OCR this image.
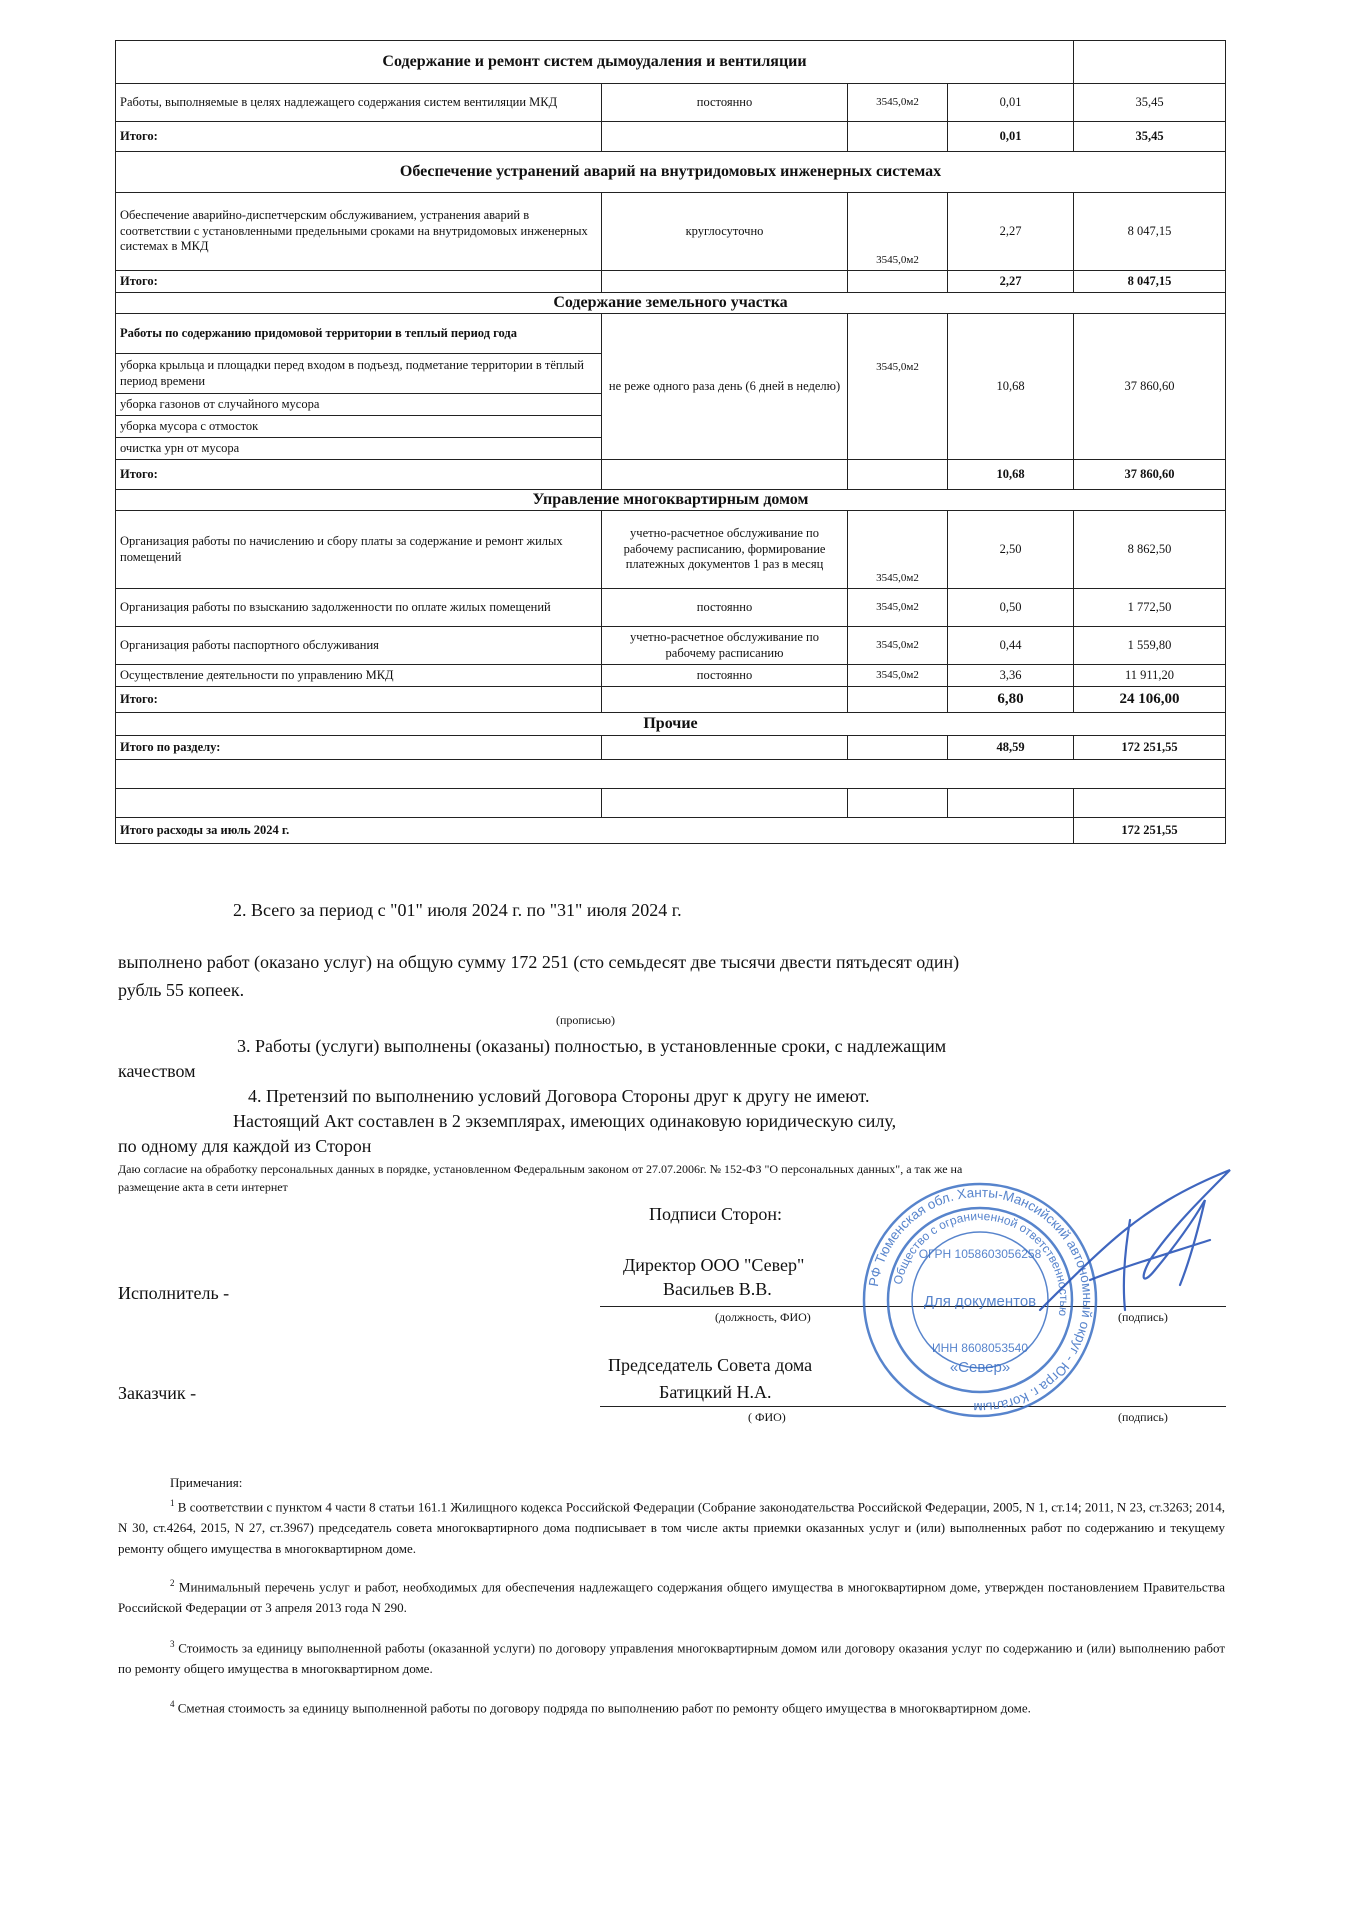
Содержание и ремонт систем дымоудаления и вентиляции				
Работы, выполняемые в целях надлежащего содержания систем вентиляции МКД	постоянно	3545,0м2	0,01	35,45
Итого:			0,01	35,45
Обеспечение устранений аварий на внутридомовых инженерных системах				
Обеспечение аварийно-диспетчерским обслуживанием, устранения аварий в соответствии с установленными предельными сроками на внутридомовых инженерных системах в МКД	круглосуточно	3545,0м2	2,27	8 047,15
Итого:			2,27	8 047,15
Содержание земельного участка				
Работы по содержанию придомовой территории в теплый период года	не реже одного раза день (6 дней в неделю)	3545,0м2	10,68	37 860,60
уборка крыльца и площадки перед входом в подъезд, подметание территории в тёплый период времени				
уборка газонов от случайного мусора				
уборка мусора с отмосток				
очистка урн от мусора				
Итого:			10,68	37 860,60
Управление многоквартирным домом				
Организация работы по начислению и сбору платы за содержание и ремонт жилых помещений	учетно-расчетное обслуживание по рабочему расписанию, формирование платежных документов 1 раз в месяц	3545,0м2	2,50	8 862,50
Организация работы по взысканию задолженности по оплате жилых помещений	постоянно	3545,0м2	0,50	1 772,50
Организация работы паспортного обслуживания	учетно-расчетное обслуживание по рабочему расписанию	3545,0м2	0,44	1 559,80
Осуществление деятельности по управлению МКД	постоянно	3545,0м2	3,36	11 911,20
Итого:			6,80	24 106,00
Прочие				
Итого по разделу:			48,59	172 251,55

Итого расходы за июль 2024 г.				172 251,55
2. Всего за период с "01" июля 2024 г. по "31" июля 2024 г.
выполнено работ (оказано услуг) на общую сумму 172 251 (сто семьдесят две тысячи двести пятьдесят один)
рубль 55 копеек.
(прописью)
3. Работы (услуги) выполнены (оказаны) полностью, в установленные сроки, с надлежащим
качеством
4. Претензий по выполнению условий Договора Стороны друг к другу не имеют.
Настоящий Акт составлен в 2 экземплярах, имеющих одинаковую юридическую силу,
по одному для каждой из Сторон
Даю согласие на обработку персональных данных в порядке, установленном Федеральным законом от 27.07.2006г. № 152-ФЗ "О персональных данных", а так же на
размещение акта в сети интернет
Подписи Сторон:
Директор ООО "Север"
Васильев В.В.
Исполнитель -
(должность, ФИО)	(подпись)
Председатель Совета дома
Батицкий Н.А.
Заказчик -
( ФИО)	(подпись)
РФ Тюменская обл. Ханты-Мансийский автономный округ - Югра г. Когалым
Общество с ограниченной ответственностью
ОГРН 1058603056258
Для документов
ИНН 8608053540
«Север»
Примечания:

$^1$ В соответствии с пунктом 4 части 8 статьи 161.1 Жилищного кодекса Российской Федерации (Собрание законодательства Российской Федерации, 2005, N 1, ст.14; 2011, N 23, ст.3263; 2014, N 30, ст.4264, 2015, N 27, ст.3967) председатель совета многоквартирного дома подписывает в том числе акты приемки оказанных услуг и (или) выполненных работ по содержанию и текущему ремонту общего имущества в многоквартирном доме.

$^2$ Минимальный перечень услуг и работ, необходимых для обеспечения надлежащего содержания общего имущества в многоквартирном доме, утвержден постановлением Правительства Российской Федерации от 3 апреля 2013 года N 290.

$^3$ Стоимость за единицу выполненной работы (оказанной услуги) по договору управления многоквартирным домом или договору оказания услуг по содержанию и (или) выполнению работ по ремонту общего имущества в многоквартирном доме.

$^4$ Сметная стоимость за единицу выполненной работы по договору подряда по выполнению работ по ремонту общего имущества в многоквартирном доме.
